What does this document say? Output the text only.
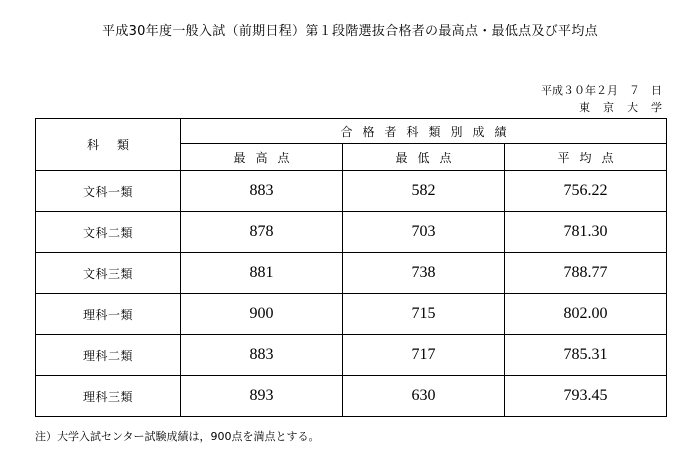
平成30年度一般入試（前期日程）第１段階選抜合格者の最高点・最低点及び平均点
平成３０年２月　７　日
東京大学
科類	合格者科類別成績		
	最高点	最低点	平均点
文科一類	883	582	756.22
文科二類	878	703	781.30
文科三類	881	738	788.77
理科一類	900	715	802.00
理科二類	883	717	785.31
理科三類	893	630	793.45
注）大学入試センター試験成績は，900点を満点とする。
